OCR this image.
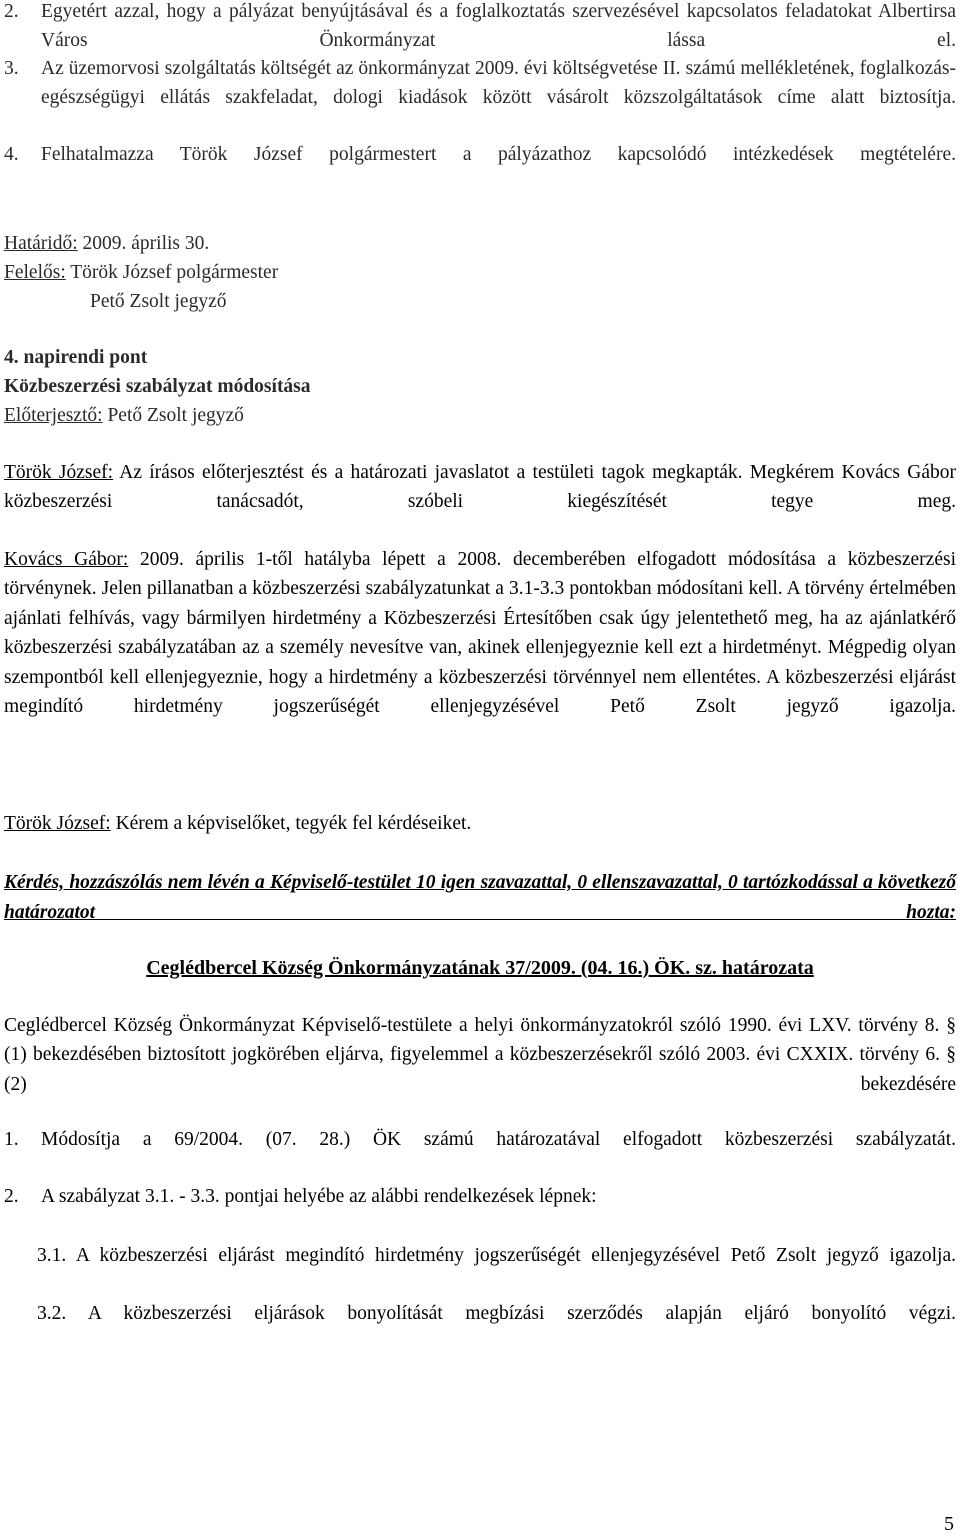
2.	Egyetért azzal, hogy a pályázat benyújtásával és a foglalkoztatás szervezésével kapcsolatos feladatokat Albertirsa Város Önkormányzat lássa el.
3.	Az üzemorvosi szolgáltatás költségét az önkormányzat 2009. évi költségvetése II. számú mellékletének, foglalkozás-egészségügyi ellátás szakfeladat, dologi kiadások között vásárolt közszolgáltatások címe alatt biztosítja.
4.	Felhatalmazza Török József polgármestert a pályázathoz kapcsolódó intézkedések megtételére.
Határidő: 2009. április 30.
Felelős: Török József polgármester
Pető Zsolt jegyző
4. napirendi pont
Közbeszerzési szabályzat módosítása
Előterjesztő: Pető Zsolt jegyző
Török József: Az írásos előterjesztést és a határozati javaslatot a testületi tagok megkapták. Megkérem Kovács Gábor közbeszerzési tanácsadót, szóbeli kiegészítését tegye meg.
Kovács Gábor: 2009. április 1-től hatályba lépett a 2008. decemberében elfogadott módosítása a közbeszerzési törvénynek. Jelen pillanatban a közbeszerzési szabályzatunkat a 3.1-3.3 pontokban módosítani kell. A törvény értelmében ajánlati felhívás, vagy bármilyen hirdetmény a Közbeszerzési Értesítőben csak úgy jelentethető meg, ha az ajánlatkérő közbeszerzési szabályzatában az a személy nevesítve van, akinek ellenjegyeznie kell ezt a hirdetményt. Mégpedig olyan szempontból kell ellenjegyeznie, hogy a hirdetmény a közbeszerzési törvénnyel nem ellentétes. A közbeszerzési eljárást megindító hirdetmény jogszerűségét ellenjegyzésével Pető Zsolt jegyző igazolja.
Török József: Kérem a képviselőket, tegyék fel kérdéseiket.
Kérdés, hozzászólás nem lévén a Képviselő-testület 10 igen szavazattal, 0 ellenszavazattal, 0 tartózkodással a következő határozatot hozta:
Ceglédbercel Község Önkormányzatának 37/2009. (04. 16.) ÖK. sz. határozata
Ceglédbercel Község Önkormányzat Képviselő-testülete a helyi önkormányzatokról szóló 1990. évi LXV. törvény 8. § (1) bekezdésében biztosított jogkörében eljárva, figyelemmel a közbeszerzésekről szóló 2003. évi CXXIX. törvény 6. § (2) bekezdésére
1.	Módosítja a 69/2004. (07. 28.) ÖK számú határozatával elfogadott közbeszerzési szabályzatát.
2.	A szabályzat 3.1. - 3.3. pontjai helyébe az alábbi rendelkezések lépnek:
3.1. A közbeszerzési eljárást megindító hirdetmény jogszerűségét ellenjegyzésével Pető Zsolt jegyző igazolja.
3.2. A közbeszerzési eljárások bonyolítását megbízási szerződés alapján eljáró bonyolító végzi.
5
